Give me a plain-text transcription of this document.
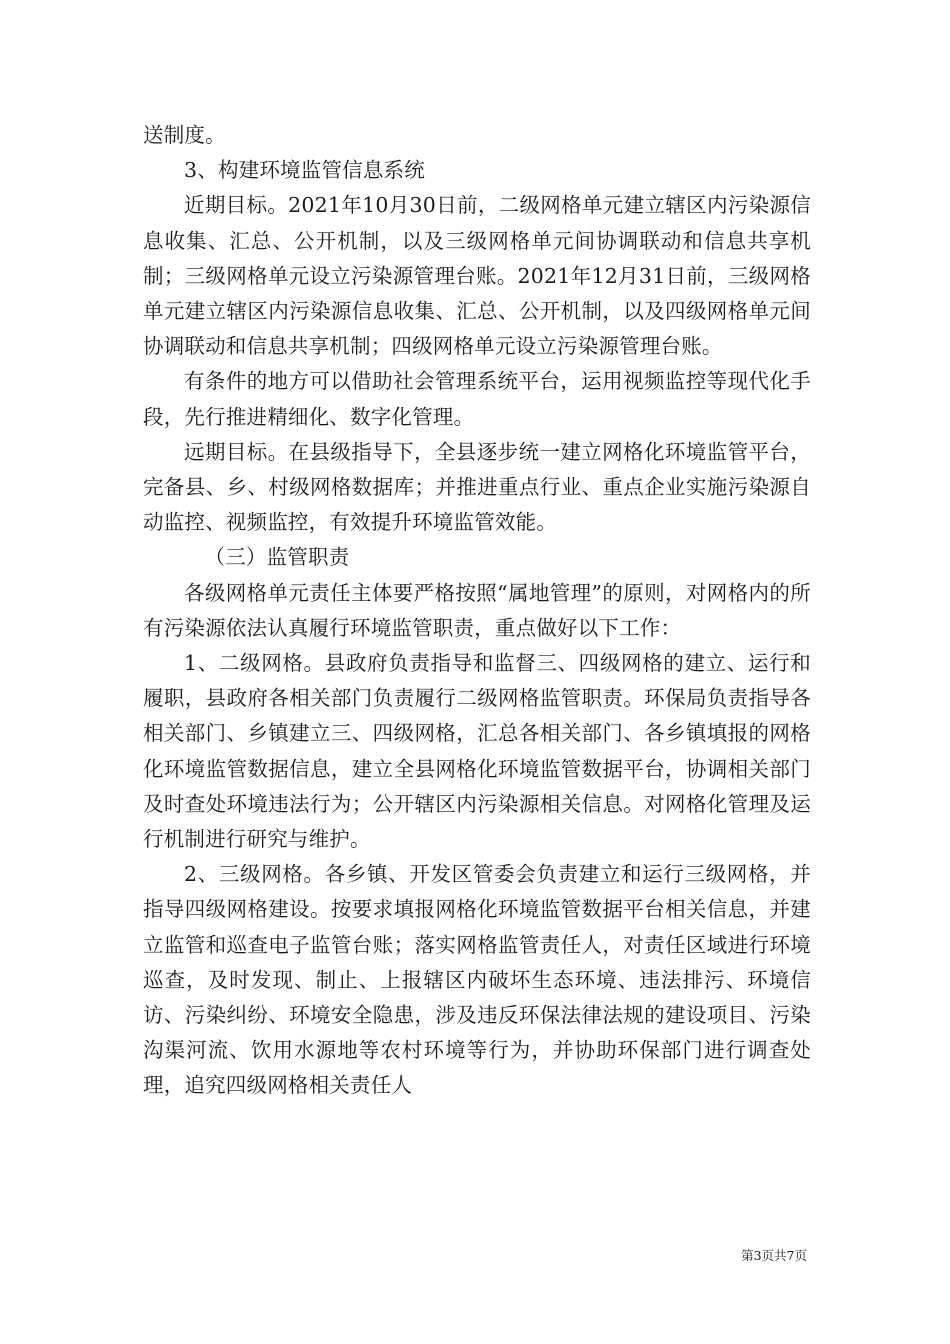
送制度。

3、构建环境监管信息系统

近期目标。2021年10月30日前，二级网格单元建立辖区内污染源信息收集、汇总、公开机制，以及三级网格单元间协调联动和信息共享机制；三级网格单元设立污染源管理台账。2021年12月31日前，三级网格单元建立辖区内污染源信息收集、汇总、公开机制，以及四级网格单元间协调联动和信息共享机制；四级网格单元设立污染源管理台账。

有条件的地方可以借助社会管理系统平台，运用视频监控等现代化手段，先行推进精细化、数字化管理。

远期目标。在县级指导下，全县逐步统一建立网格化环境监管平台，完备县、乡、村级网格数据库；并推进重点行业、重点企业实施污染源自动监控、视频监控，有效提升环境监管效能。

（三）监管职责

各级网格单元责任主体要严格按照“属地管理”的原则，对网格内的所有污染源依法认真履行环境监管职责，重点做好以下工作：

1、二级网格。县政府负责指导和监督三、四级网格的建立、运行和履职，县政府各相关部门负责履行二级网格监管职责。环保局负责指导各相关部门、乡镇建立三、四级网格，汇总各相关部门、各乡镇填报的网格化环境监管数据信息，建立全县网格化环境监管数据平台，协调相关部门及时查处环境违法行为；公开辖区内污染源相关信息。对网格化管理及运行机制进行研究与维护。

2、三级网格。各乡镇、开发区管委会负责建立和运行三级网格，并指导四级网格建设。按要求填报网格化环境监管数据平台相关信息，并建立监管和巡查电子监管台账；落实网格监管责任人，对责任区域进行环境巡查，及时发现、制止、上报辖区内破坏生态环境、违法排污、环境信访、污染纠纷、环境安全隐患，涉及违反环保法律法规的建设项目、污染沟渠河流、饮用水源地等农村环境等行为，并协助环保部门进行调查处理，追究四级网格相关责任人

第3页共7页
